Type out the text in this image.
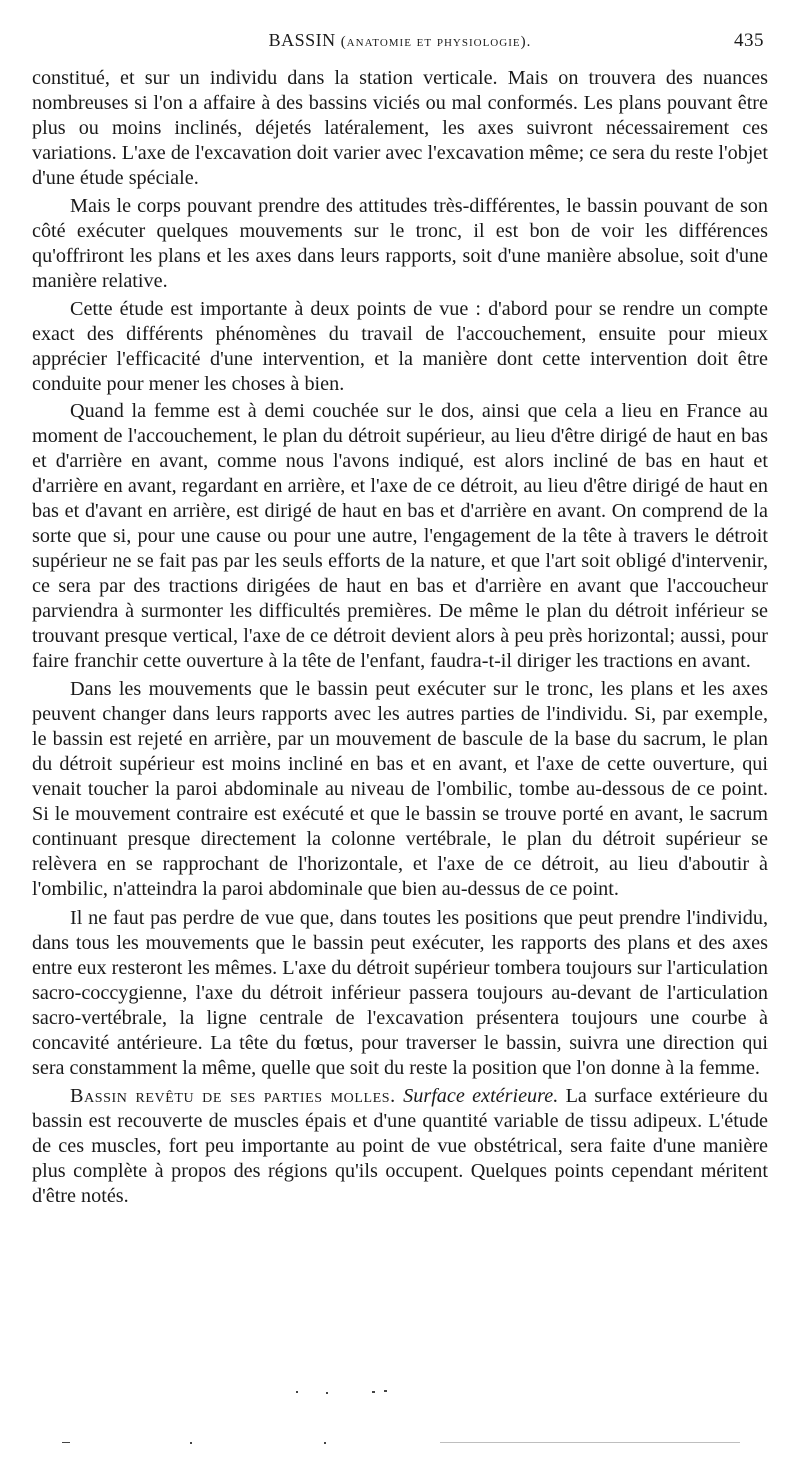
BASSIN (anatomie et physiologie).	435

constitué, et sur un individu dans la station verticale. Mais on trouvera des nuances nombreuses si l'on a affaire à des bassins viciés ou mal conformés. Les plans pouvant être plus ou moins inclinés, déjetés latéralement, les axes suivront nécessairement ces variations. L'axe de l'excavation doit varier avec l'excavation même; ce sera du reste l'objet d'une étude spéciale.

Mais le corps pouvant prendre des attitudes très-différentes, le bassin pouvant de son côté exécuter quelques mouvements sur le tronc, il est bon de voir les différences qu'offriront les plans et les axes dans leurs rapports, soit d'une manière absolue, soit d'une manière relative.

Cette étude est importante à deux points de vue : d'abord pour se rendre un compte exact des différents phénomènes du travail de l'accouchement, ensuite pour mieux apprécier l'efficacité d'une intervention, et la manière dont cette intervention doit être conduite pour mener les choses à bien.

Quand la femme est à demi couchée sur le dos, ainsi que cela a lieu en France au moment de l'accouchement, le plan du détroit supérieur, au lieu d'être dirigé de haut en bas et d'arrière en avant, comme nous l'avons indiqué, est alors incliné de bas en haut et d'arrière en avant, regardant en arrière, et l'axe de ce détroit, au lieu d'être dirigé de haut en bas et d'avant en arrière, est dirigé de haut en bas et d'arrière en avant. On comprend de la sorte que si, pour une cause ou pour une autre, l'engagement de la tête à travers le détroit supérieur ne se fait pas par les seuls efforts de la nature, et que l'art soit obligé d'intervenir, ce sera par des tractions dirigées de haut en bas et d'arrière en avant que l'accoucheur parviendra à surmonter les difficultés premières. De même le plan du détroit inférieur se trouvant presque vertical, l'axe de ce détroit devient alors à peu près horizontal; aussi, pour faire franchir cette ouverture à la tête de l'enfant, faudra-t-il diriger les tractions en avant.

Dans les mouvements que le bassin peut exécuter sur le tronc, les plans et les axes peuvent changer dans leurs rapports avec les autres parties de l'individu. Si, par exemple, le bassin est rejeté en arrière, par un mouvement de bascule de la base du sacrum, le plan du détroit supérieur est moins incliné en bas et en avant, et l'axe de cette ouverture, qui venait toucher la paroi abdominale au niveau de l'ombilic, tombe au-dessous de ce point. Si le mouvement contraire est exécuté et que le bassin se trouve porté en avant, le sacrum continuant presque directement la colonne vertébrale, le plan du détroit supérieur se relèvera en se rapprochant de l'horizontale, et l'axe de ce détroit, au lieu d'aboutir à l'ombilic, n'atteindra la paroi abdominale que bien au-dessus de ce point.

Il ne faut pas perdre de vue que, dans toutes les positions que peut prendre l'individu, dans tous les mouvements que le bassin peut exécuter, les rapports des plans et des axes entre eux resteront les mêmes. L'axe du détroit supérieur tombera toujours sur l'articulation sacro-coccygienne, l'axe du détroit inférieur passera toujours au-devant de l'articulation sacro-vertébrale, la ligne centrale de l'excavation présentera toujours une courbe à concavité antérieure. La tête du fœtus, pour traverser le bassin, suivra une direction qui sera constamment la même, quelle que soit du reste la position que l'on donne à la femme.

Bassin revêtu de ses parties molles. Surface extérieure. La surface extérieure du bassin est recouverte de muscles épais et d'une quantité variable de tissu adipeux. L'étude de ces muscles, fort peu importante au point de vue obstétrical, sera faite d'une manière plus complète à propos des régions qu'ils occupent. Quelques points cependant méritent d'être notés.
